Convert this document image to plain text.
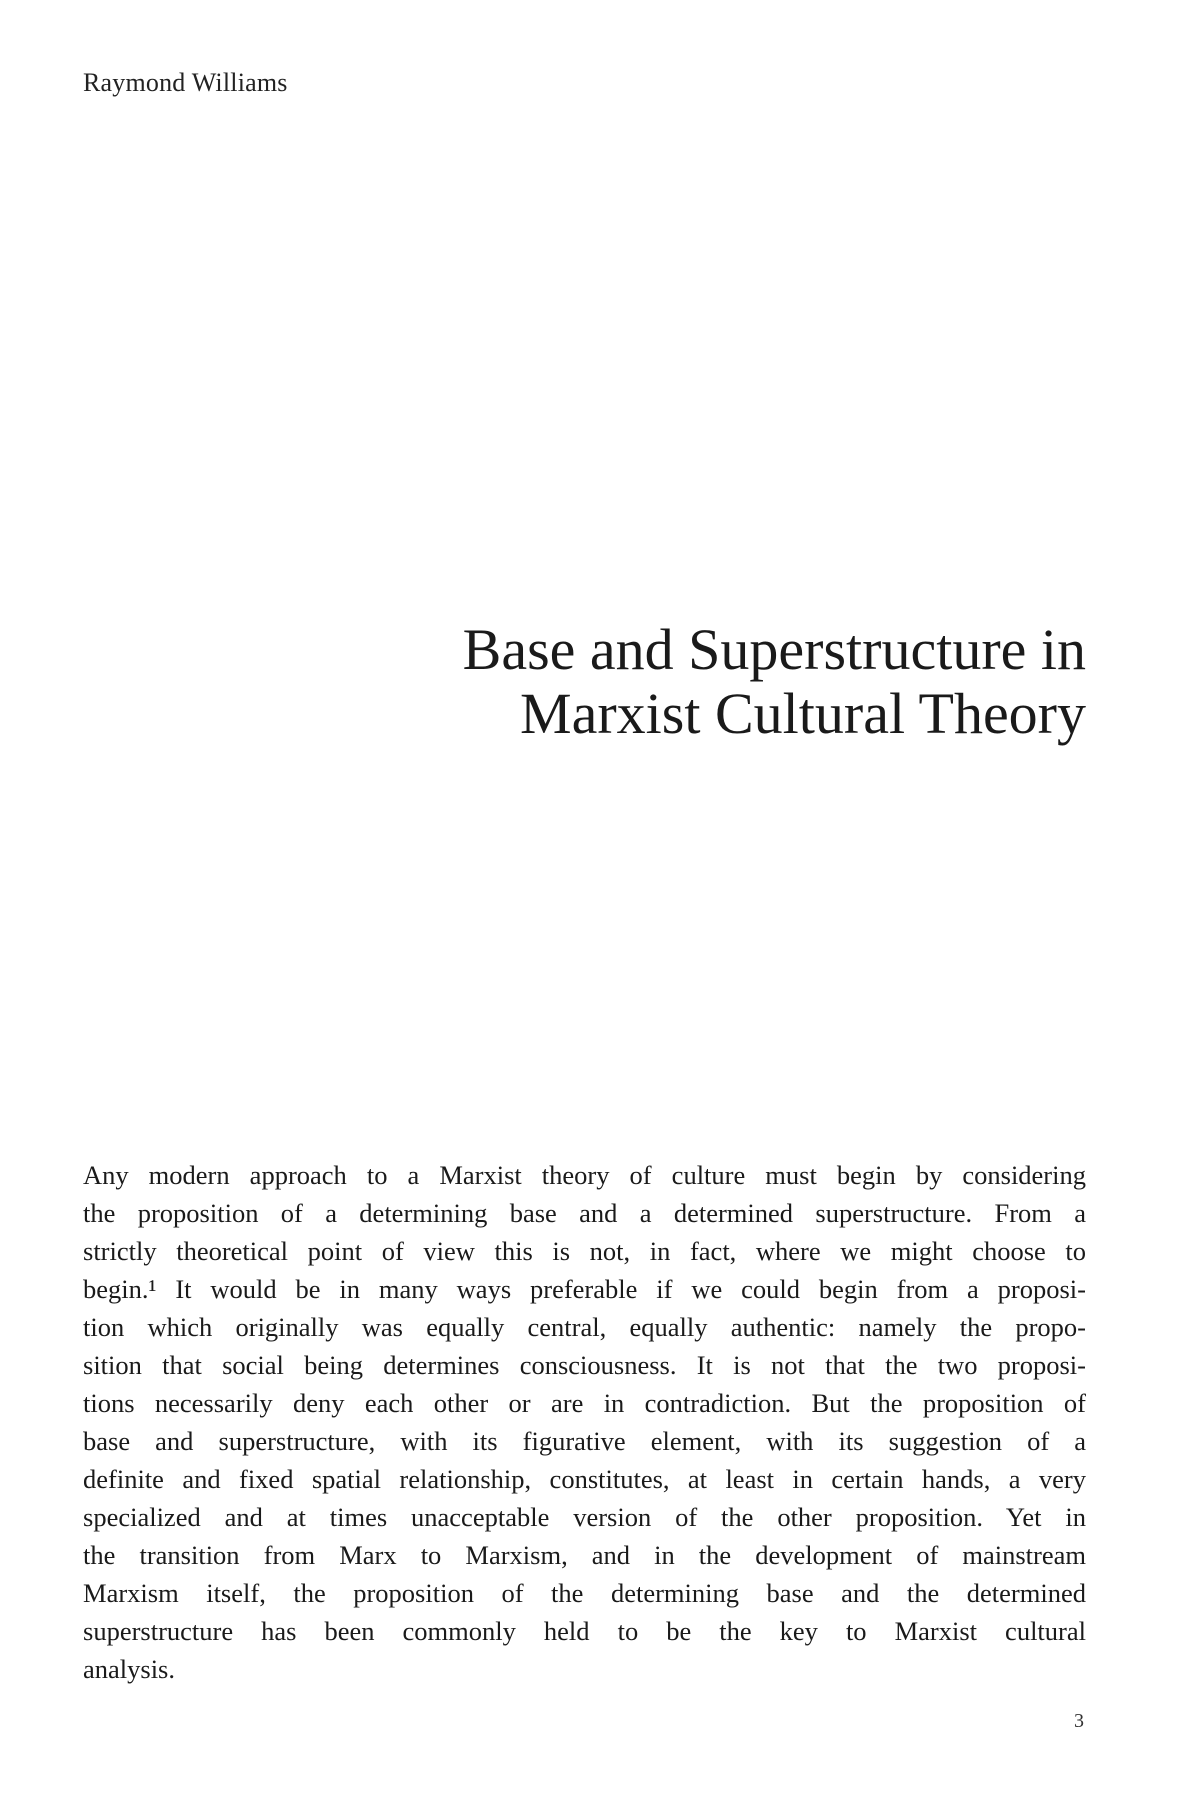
Raymond Williams
Base and Superstructure in
Marxist Cultural Theory
Any modern approach to a Marxist theory of culture must begin by considering
the proposition of a determining base and a determined superstructure. From a
strictly theoretical point of view this is not, in fact, where we might choose to
begin.¹ It would be in many ways preferable if we could begin from a proposi-
tion which originally was equally central, equally authentic: namely the propo-
sition that social being determines consciousness. It is not that the two proposi-
tions necessarily deny each other or are in contradiction. But the proposition of
base and superstructure, with its figurative element, with its suggestion of a
definite and fixed spatial relationship, constitutes, at least in certain hands, a very
specialized and at times unacceptable version of the other proposition. Yet in
the transition from Marx to Marxism, and in the development of mainstream
Marxism itself, the proposition of the determining base and the determined
superstructure has been commonly held to be the key to Marxist cultural
analysis.
3
